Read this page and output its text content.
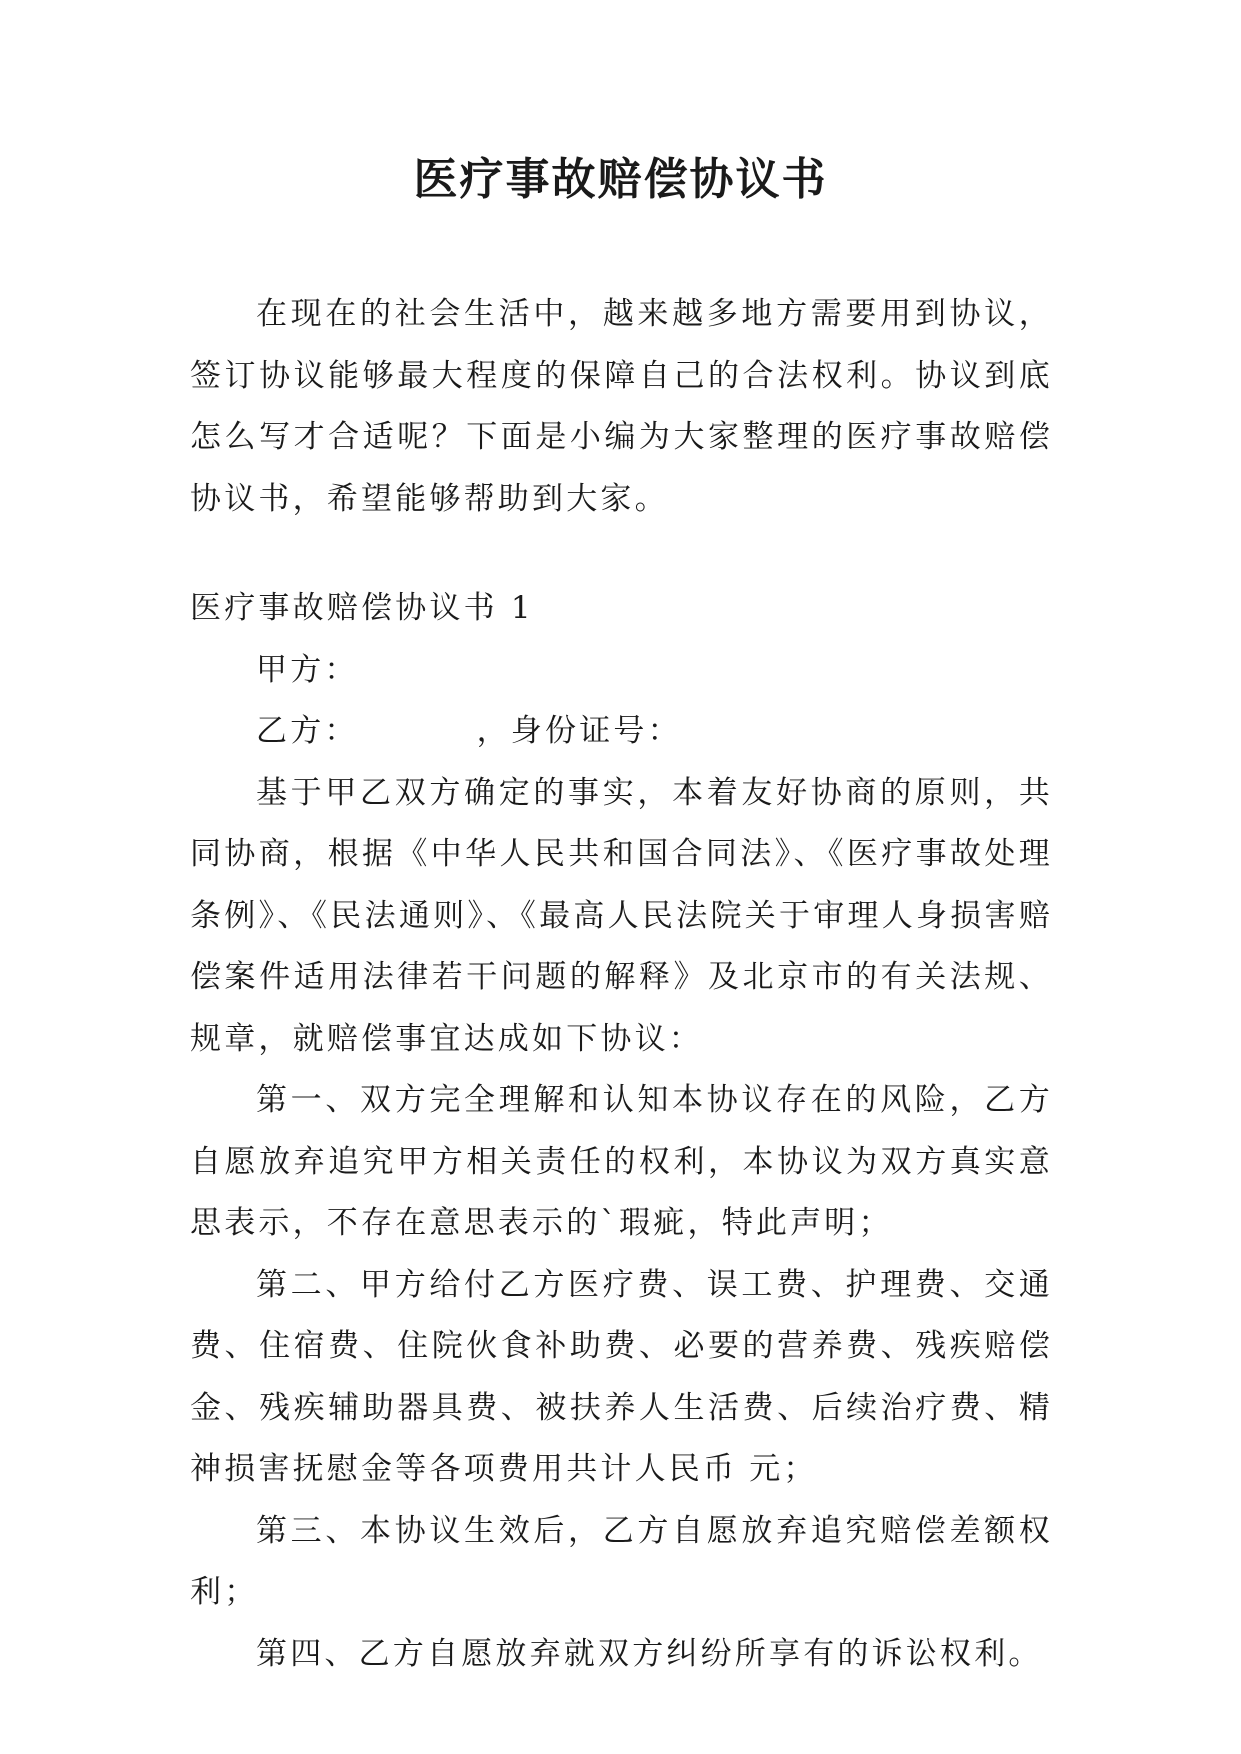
医疗事故赔偿协议书

在现在的社会生活中，越来越多地方需要用到协议，签订协议能够最大程度的保障自己的合法权利。协议到底怎么写才合适呢？下面是小编为大家整理的医疗事故赔偿协议书，希望能够帮助到大家。

医疗事故赔偿协议书 1

甲方：

乙方：	，身份证号：

基于甲乙双方确定的事实，本着友好协商的原则，共同协商，根据《中华人民共和国合同法》、《医疗事故处理条例》、《民法通则》、《最高人民法院关于审理人身损害赔偿案件适用法律若干问题的解释》及北京市的有关法规、规章，就赔偿事宜达成如下协议：

第一、双方完全理解和认知本协议存在的风险，乙方自愿放弃追究甲方相关责任的权利，本协议为双方真实意思表示，不存在意思表示的`瑕疵，特此声明；

第二、甲方给付乙方医疗费、误工费、护理费、交通费、住宿费、住院伙食补助费、必要的营养费、残疾赔偿金、残疾辅助器具费、被扶养人生活费、后续治疗费、精神损害抚慰金等各项费用共计人民币 元；

第三、本协议生效后，乙方自愿放弃追究赔偿差额权利；

第四、乙方自愿放弃就双方纠纷所享有的诉讼权利。
